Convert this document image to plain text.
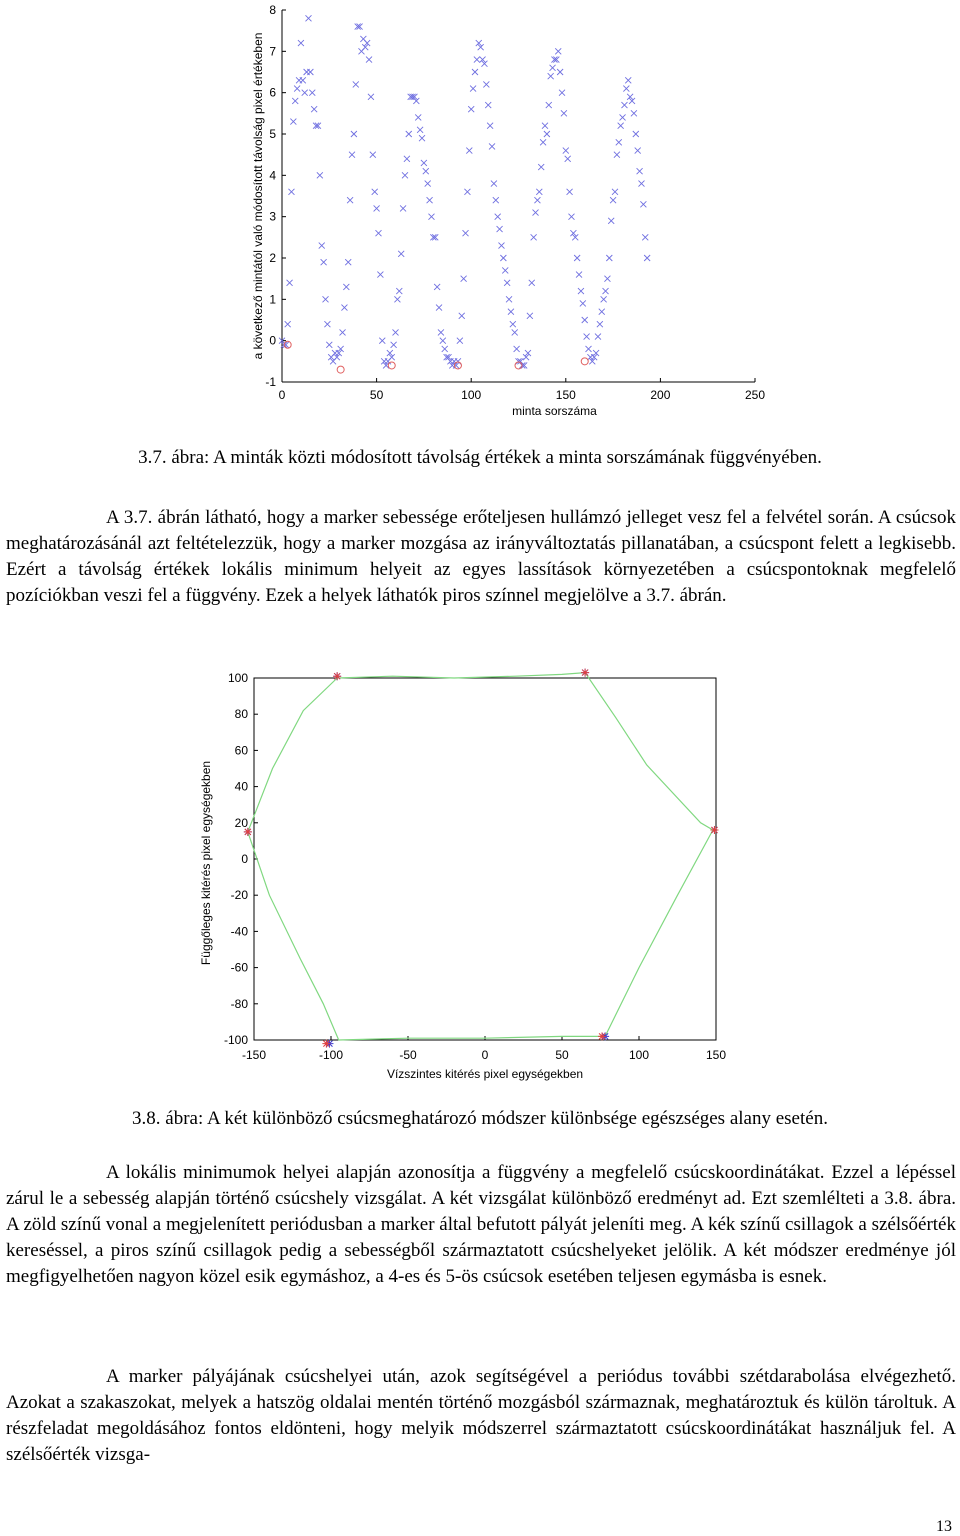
0	50	100	150	200	250
-1
0
1
2
3
4
5
6
7
8
minta sorszáma
a következő mintától való módosított távolság pixel értékeben
3.7. ábra: A minták közti módosított távolság értékek a minta sorszámának függvényében.

A 3.7. ábrán látható, hogy a marker sebessége erőteljesen hullámzó jelleget vesz fel a felvétel során. A csúcsok meghatározásánál azt feltételezzük, hogy a marker mozgása az irányváltoztatás pillanatában, a csúcspont felett a legkisebb. Ezért a távolság értékek lokális minimum helyeit az egyes lassítások környezetében a csúcspontoknak megfelelő pozíciókban veszi fel a függvény. Ezek a helyek láthatók piros színnel megjelölve a 3.7. ábrán.

-150	-100	-50	0	50	100	150
100
80
60
40
20
0
-20
-40
-60
-80
-100
Vízszintes kitérés pixel egységekben
Függőleges kitérés pixel egységekben
3.8. ábra: A két különböző csúcsmeghatározó módszer különbsége egészséges alany esetén.

A lokális minimumok helyei alapján azonosítja a függvény a megfelelő csúcskoordinátákat. Ezzel a lépéssel zárul le a sebesség alapján történő csúcshely vizsgálat. A két vizsgálat különböző eredményt ad. Ezt szemlélteti a 3.8. ábra. A zöld színű vonal a megjelenített periódusban a marker által befutott pályát jeleníti meg. A kék színű csillagok a szélsőérték kereséssel, a piros színű csillagok pedig a sebességből származtatott csúcshelyeket jelölik. A két módszer eredménye jól megfigyelhetően nagyon közel esik egymáshoz, a 4-es és 5-ös csúcsok esetében teljesen egymásba is esnek.

A marker pályájának csúcshelyei után, azok segítségével a periódus további szétdarabolása elvégezhető. Azokat a szakaszokat, melyek a hatszög oldalai mentén történő mozgásból származnak, meghatároztuk és külön tároltuk. A részfeladat megoldásához fontos eldönteni, hogy melyik módszerrel származtatott csúcskoordinátákat használjuk fel. A szélsőérték vizsga-

13
